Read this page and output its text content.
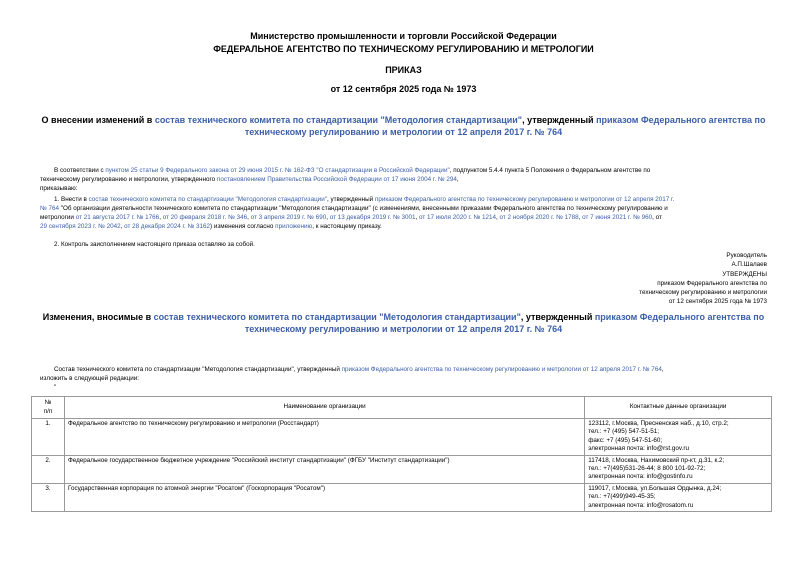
Министерство промышленности и торговли Российской Федерации
ФЕДЕРАЛЬНОЕ АГЕНТСТВО ПО ТЕХНИЧЕСКОМУ РЕГУЛИРОВАНИЮ И МЕТРОЛОГИИ
ПРИКАЗ
от 12 сентября 2025 года № 1973
О внесении изменений в состав технического комитета по стандартизации "Методология стандартизации", утвержденный приказом Федерального агентства по
техническому регулированию и метрологии от 12 апреля 2017 г. № 764
В соответствии с пунктом 25 статьи 9 Федерального закона от 29 июня 2015 г. № 162-ФЗ "О стандартизации в Российской Федерации", подпунктом 5.4.4 пункта 5 Положения о Федеральном агентстве по
техническому регулированию и метрологии, утвержденного постановлением Правительства Российской Федерации от 17 июня 2004 г. № 294,
приказываю:
1. Внести в состав технического комитета по стандартизации "Методология стандартизации", утвержденный приказом Федерального агентства по техническому регулированию и метрологии от 12 апреля 2017 г.
№ 764 "Об организации деятельности технического комитета по стандартизации "Методология стандартизации" (с изменениями, внесенными приказами Федерального агентства по техническому регулированию и
метрологии от 21 августа 2017 г. № 1766, от 20 февраля 2018 г. № 346, от 3 апреля 2019 г. № 690, от 13 декабря 2019 г. № 3001, от 17 июля 2020 г. № 1214, от 2 ноября 2020 г. № 1788, от 7 июня 2021 г. № 960, от
29 сентября 2023 г. № 2042, от 28 декабря 2024 г. № 3162) изменения согласно приложению, к настоящему приказу.
2. Контроль заисполнением настоящего приказа оставляю за собой.
Руководитель
А.П.Шалаев
УТВЕРЖДЕНЫ
приказом Федерального агентства по
техническому регулированию и метрологии
от 12 сентября 2025 года № 1973
Изменения, вносимые в состав технического комитета по стандартизации "Методология стандартизации", утвержденный приказом Федерального агентства по
техническому регулированию и метрологии от 12 апреля 2017 г. № 764
Состав технического комитета по стандартизации "Методология стандартизации", утвержденный приказом Федерального агентства по техническому регулированию и метрологии от 12 апреля 2017 г. № 764,
изложить в следующей редакции:
"
№
п/п	Наименование организации	Контактные данные организации
1.	Федеральное агентство по техническому регулированию и метрологии (Росстандарт)	123112, г.Москва, Пресненская наб., д.10, стр.2;
тел.: +7 (495) 547-51-51;
факс: +7 (495) 547-51-60;
электронная почта: info@rst.gov.ru

2.	Федеральное государственное бюджетное учреждение "Российский институт стандартизации" (ФГБУ "Институт стандартизации")	117418, г.Москва, Нахимовский пр-кт, д.31, к.2;
тел.: +7(495)531-26-44; 8 800 101-92-72;
электронная почта: info@gostinfo.ru

3.	Государственная корпорация по атомной энергии "Росатом" (Госкорпорация "Росатом")	119017, г.Москва, ул.Большая Ордынка, д.24;
тел.: +7(499)949-45-35;
электронная почта: info@rosatom.ru
